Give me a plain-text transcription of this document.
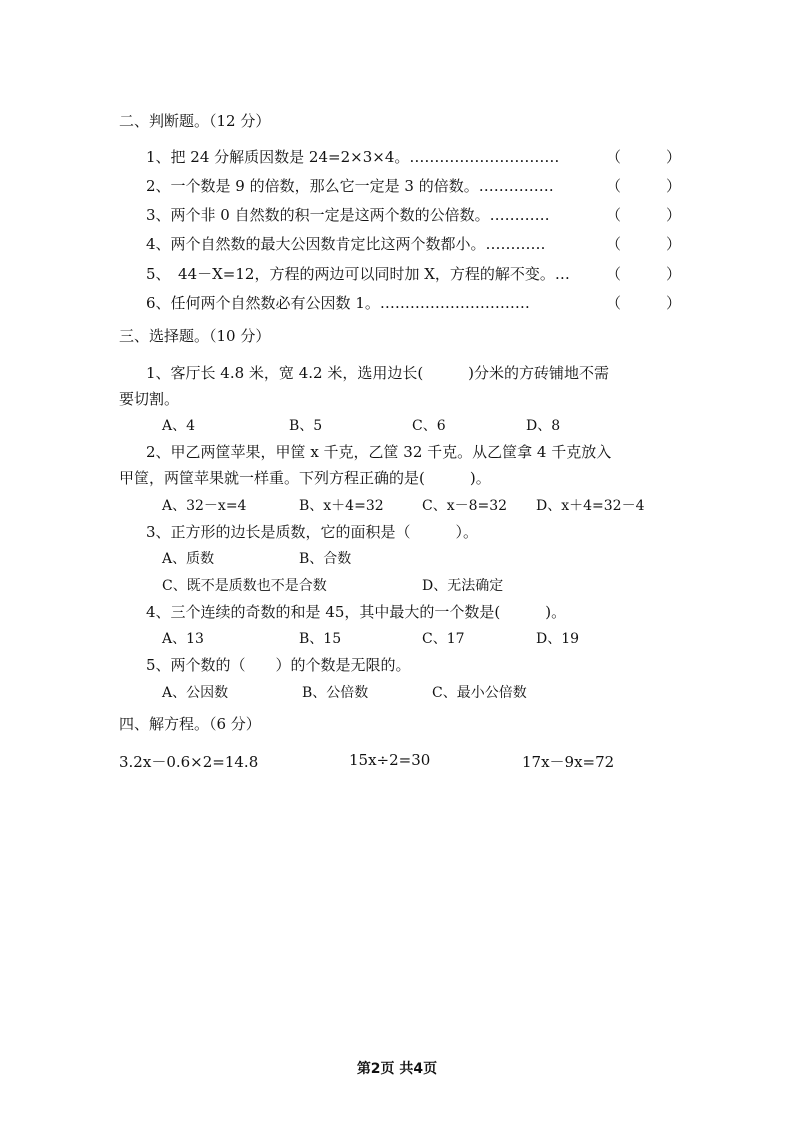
二、判断题。（12 分）
1、把 24 分解质因数是 24=2×3×4。…………………………	（　　　）
2、一个数是 9 的倍数，那么它一定是 3 的倍数。……………	（　　　）
3、两个非 0 自然数的积一定是这两个数的公倍数。…………	（　　　）
4、两个自然数的最大公因数肯定比这两个数都小。…………	（　　　）
5、　44－X=12，方程的两边可以同时加 X，方程的解不变。… （　　　）
6、任何两个自然数必有公因数 1。…………………………	（　　　）
三、选择题。（10 分）
1、客厅长 4.8 米，宽 4.2 米，选用边长(　　　)分米的方砖铺地不需
要切割。
A、4	B、5	C、6	D、8
2、甲乙两筐苹果，甲筐 x 千克，乙筐 32 千克。从乙筐拿 4 千克放入
甲筐，两筐苹果就一样重。下列方程正确的是(　　　)。
A、32－x=4	B、x＋4=32	C、x－8=32 D、x＋4=32－4
3、正方形的边长是质数，它的面积是（　　　）。
A、质数	B、合数
C、既不是质数也不是合数	D、无法确定
4、三个连续的奇数的和是 45，其中最大的一个数是(　　　)。
A、13	B、15	C、17	D、19
5、两个数的（　　）的个数是无限的。
A、公因数	B、公倍数	C、最小公倍数
四、解方程。（6 分）
3.2x－0.6×2=14.8	15x÷2=30	17x－9x=72
第2页 共4页
